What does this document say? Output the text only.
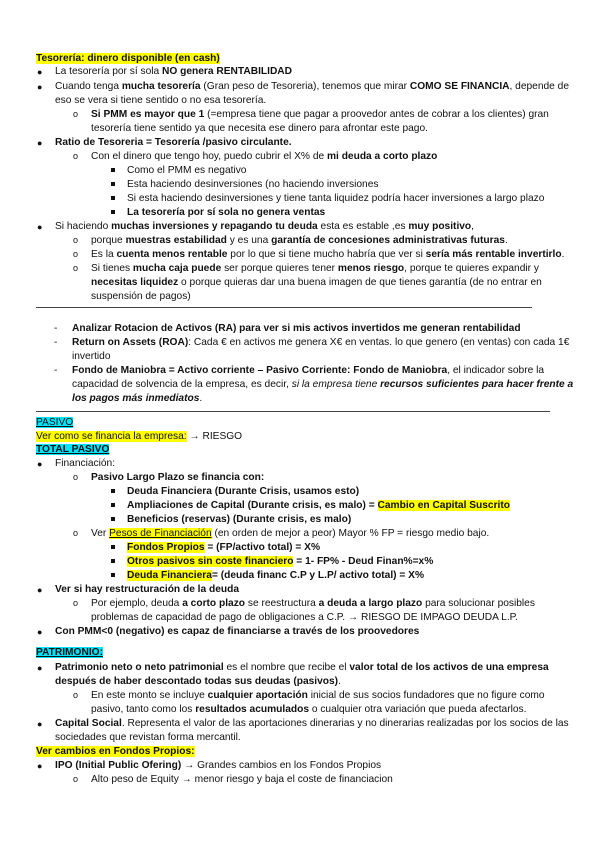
Tesorería: dinero disponible (en cash)
● La tesorería por sí sola NO genera RENTABILIDAD
● Cuando tenga mucha tesorería (Gran peso de Tesoreria), tenemos que mirar COMO SE FINANCIA, depende de
eso se vera si tiene sentido o no esa tesorería.
o Si PMM es mayor que 1 (=empresa tiene que pagar a proovedor antes de cobrar a los clientes) gran
tesorería tiene sentido ya que necesita ese dinero para afrontar este pago.
● Ratio de Tesoreria = Tesorería /pasivo circulante.
o Con el dinero que tengo hoy, puedo cubrir el X% de mi deuda a corto plazo
Como el PMM es negativo
Esta haciendo desinversiones (no haciendo inversiones
Si esta haciendo desinversiones y tiene tanta liquidez podría hacer inversiones a largo plazo
La tesorería por sí sola no genera ventas
● Si haciendo muchas inversiones y repagando tu deuda esta es estable ,es muy positivo,
o porque muestras estabilidad y es una garantía de concesiones administrativas futuras.
o Es la cuenta menos rentable por lo que si tiene mucho habría que ver si sería más rentable invertirlo.
o Si tienes mucha caja puede ser porque quieres tener menos riesgo, porque te quieres expandir y
necesitas liquidez o porque quieras dar una buena imagen de que tienes garantía (de no entrar en
suspensión de pagos)
- Analizar Rotacion de Activos (RA) para ver si mis activos invertidos me generan rentabilidad
- Return on Assets (ROA): Cada € en activos me genera X€ en ventas. lo que genero (en ventas) con cada 1€
invertido
- Fondo de Maniobra = Activo corriente – Pasivo Corriente: Fondo de Maniobra, el indicador sobre la
capacidad de solvencia de la empresa, es decir, si la empresa tiene recursos suficientes para hacer frente a
los pagos más inmediatos.
PASIVO
Ver como se financia la empresa: → RIESGO
TOTAL PASIVO
● Financiación:
o Pasivo Largo Plazo se financia con:
Deuda Financiera (Durante Crisis, usamos esto)
Ampliaciones de Capital (Durante crisis, es malo) = Cambio en Capital Suscrito
Beneficios (reservas) (Durante crisis, es malo)
o Ver Pesos de Financiación (en orden de mejor a peor) Mayor % FP = riesgo medio bajo.
Fondos Propios = (FP/activo total) = X%
Otros pasivos sin coste financiero = 1- FP% - Deud Finan%=x%
Deuda Financiera= (deuda financ C.P y L.P/ activo total) = X%
● Ver si hay restructuración de la deuda
o Por ejemplo, deuda a corto plazo se reestructura a deuda a largo plazo para solucionar posibles
problemas de capacidad de pago de obligaciones a C.P. → RIESGO DE IMPAGO DEUDA L.P.
● Con PMM<0 (negativo) es capaz de financiarse a través de los proovedores
PATRIMONIO:
● Patrimonio neto o neto patrimonial es el nombre que recibe el valor total de los activos de una empresa
después de haber descontado todas sus deudas (pasivos).
o En este monto se incluye cualquier aportación inicial de sus socios fundadores que no figure como
pasivo, tanto como los resultados acumulados o cualquier otra variación que pueda afectarlos.
● Capital Social. Representa el valor de las aportaciones dinerarias y no dinerarias realizadas por los socios de las
sociedades que revistan forma mercantil.
Ver cambios en Fondos Propios:
● IPO (Initial Public Ofering) → Grandes cambios en los Fondos Propios
o Alto peso de Equity → menor riesgo y baja el coste de financiacion
